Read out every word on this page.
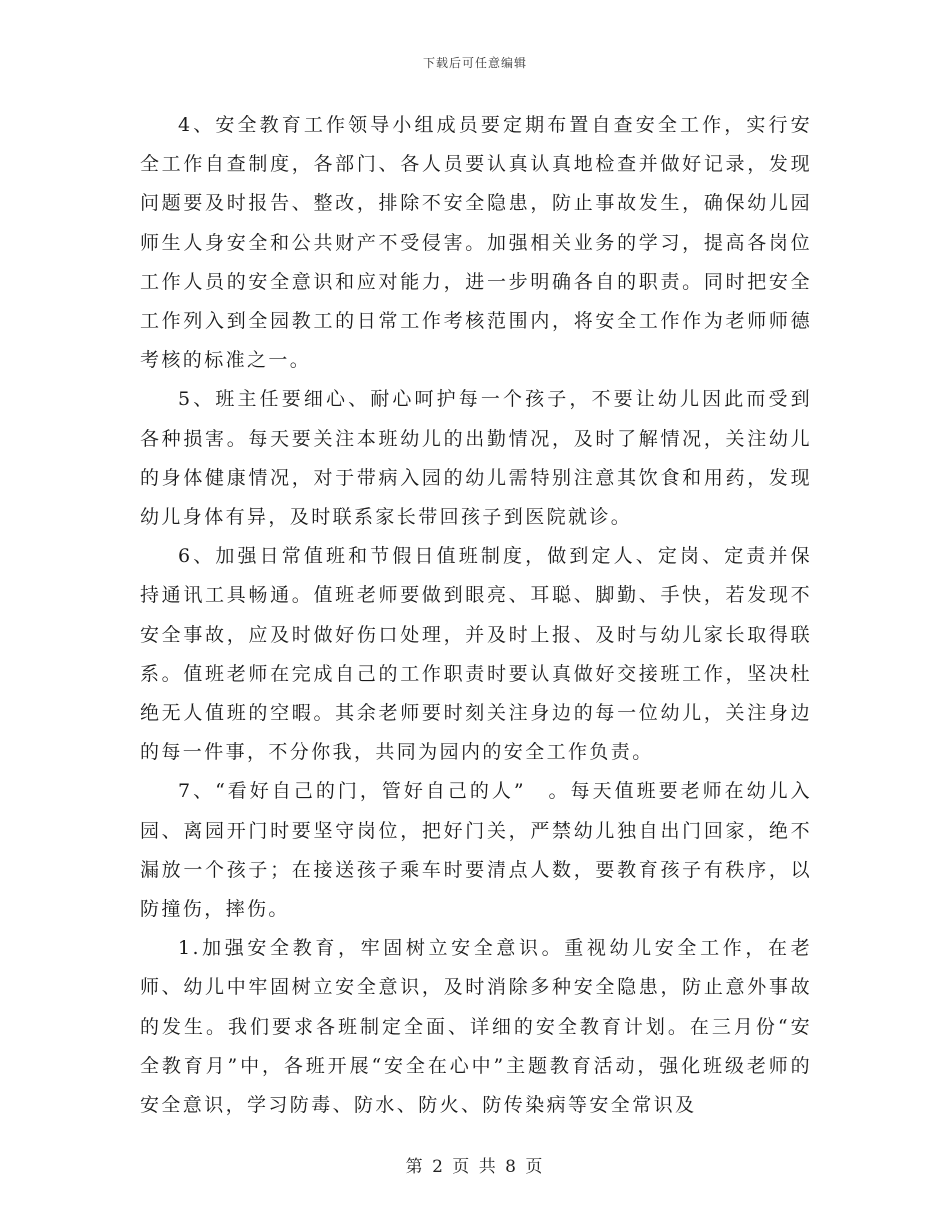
下载后可任意编辑

4、安全教育工作领导小组成员要定期布置自查安全工作，实行安全工作自查制度，各部门、各人员要认真认真地检查并做好记录，发现问题要及时报告、整改，排除不安全隐患，防止事故发生，确保幼儿园师生人身安全和公共财产不受侵害。加强相关业务的学习，提高各岗位工作人员的安全意识和应对能力，进一步明确各自的职责。同时把安全工作列入到全园教工的日常工作考核范围内，将安全工作作为老师师德考核的标准之一。

5、班主任要细心、耐心呵护每一个孩子，不要让幼儿因此而受到各种损害。每天要关注本班幼儿的出勤情况，及时了解情况，关注幼儿的身体健康情况，对于带病入园的幼儿需特别注意其饮食和用药，发现幼儿身体有异，及时联系家长带回孩子到医院就诊。

6、加强日常值班和节假日值班制度，做到定人、定岗、定责并保持通讯工具畅通。值班老师要做到眼亮、耳聪、脚勤、手快，若发现不安全事故，应及时做好伤口处理，并及时上报、及时与幼儿家长取得联系。值班老师在完成自己的工作职责时要认真做好交接班工作，坚决杜绝无人值班的空暇。其余老师要时刻关注身边的每一位幼儿，关注身边的每一件事，不分你我，共同为园内的安全工作负责。

7、“看好自己的门，管好自己的人”　。每天值班要老师在幼儿入园、离园开门时要坚守岗位，把好门关，严禁幼儿独自出门回家，绝不漏放一个孩子；在接送孩子乘车时要清点人数，要教育孩子有秩序，以防撞伤，摔伤。

1.加强安全教育，牢固树立安全意识。重视幼儿安全工作，在老师、幼儿中牢固树立安全意识，及时消除多种安全隐患，防止意外事故的发生。我们要求各班制定全面、详细的安全教育计划。在三月份“安全教育月”中，各班开展“安全在心中”主题教育活动，强化班级老师的安全意识，学习防毒、防水、防火、防传染病等安全常识及

第 2 页 共 8 页
